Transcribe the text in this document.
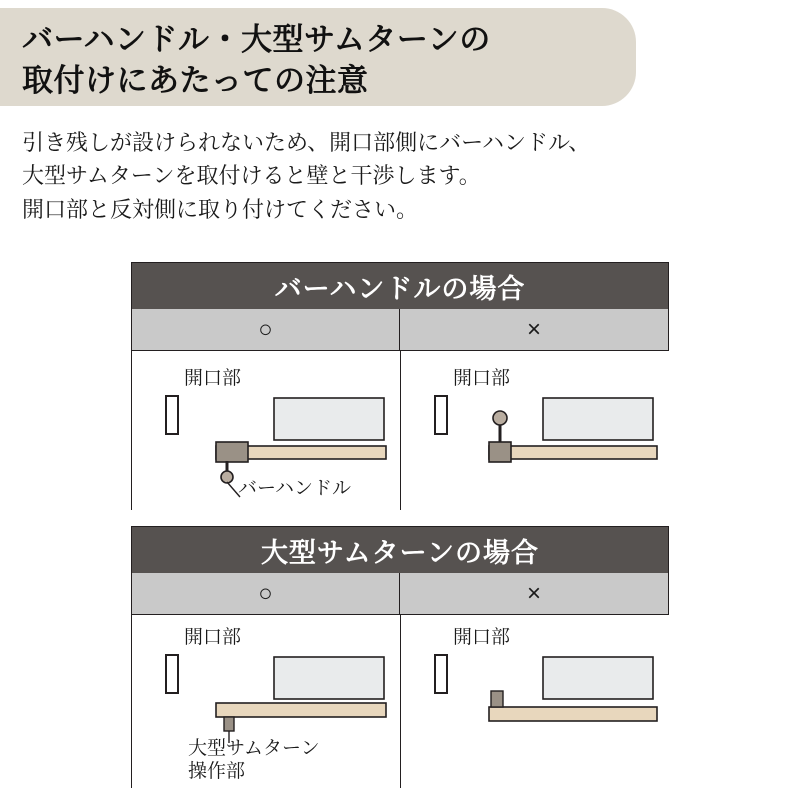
バーハンドル・大型サムターンの
取付けにあたっての注意
引き残しが設けられないため、開口部側にバーハンドル、
大型サムターンを取付けると壁と干渉します。
開口部と反対側に取り付けてください。
バーハンドルの場合
○	×
開口部
バーハンドル
開口部
大型サムターンの場合
○	×
開口部
大型サムターン
操作部
開口部
